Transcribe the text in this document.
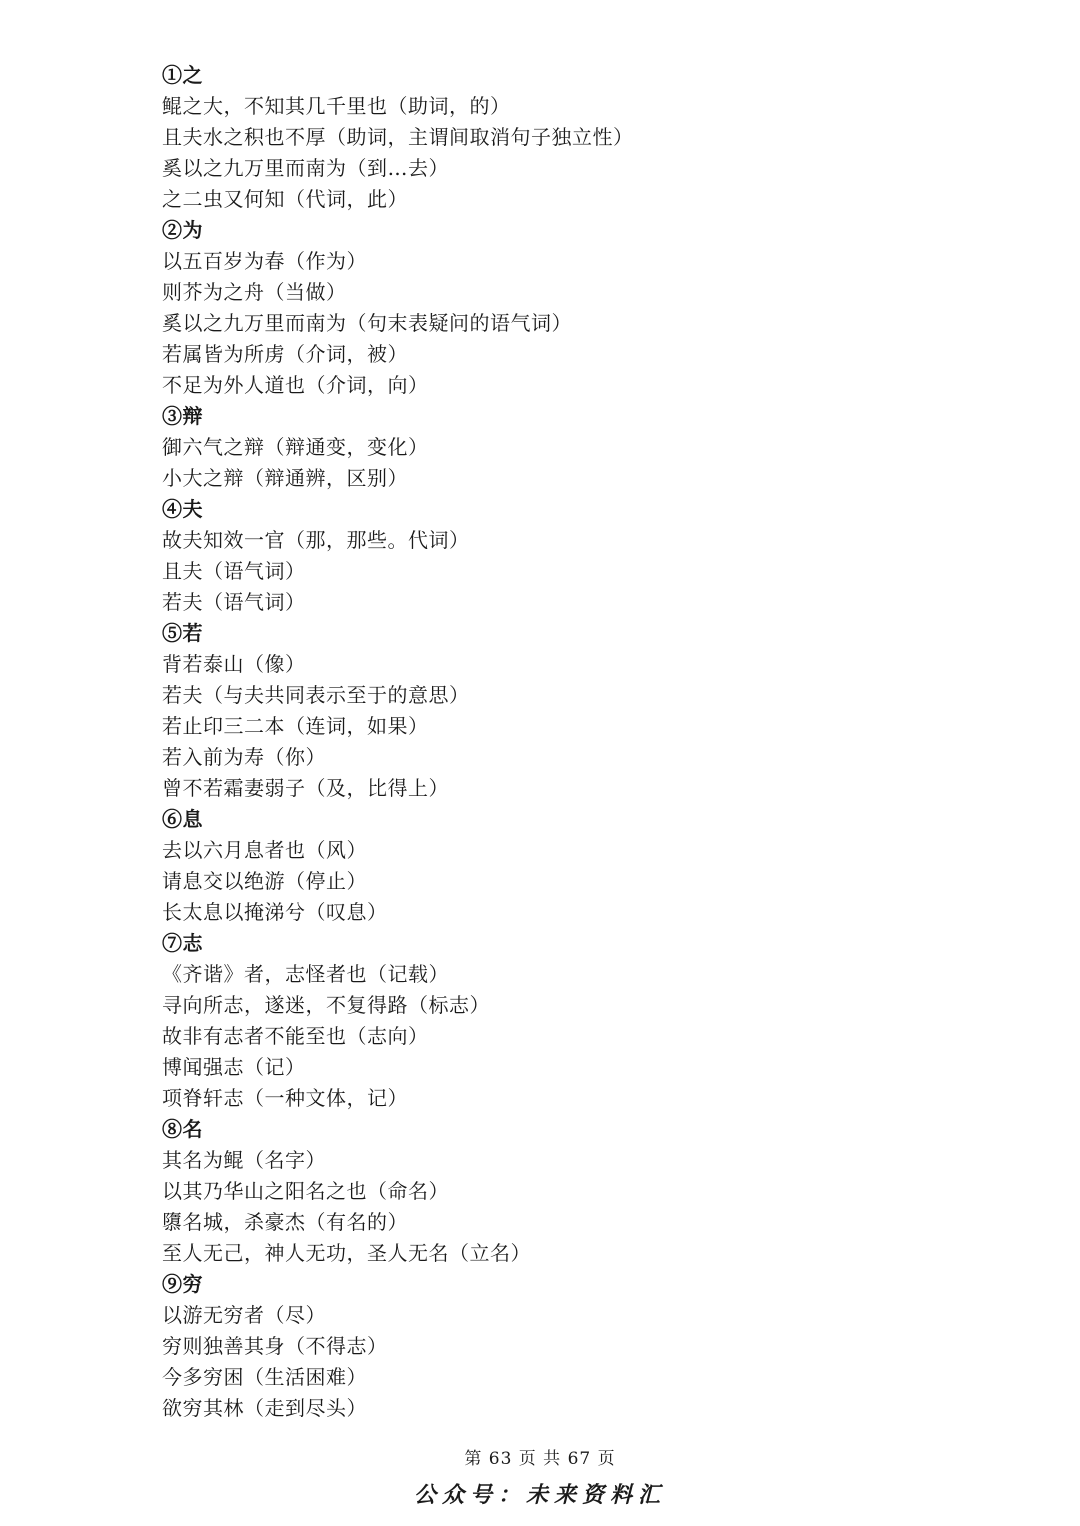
①之
鲲之大，不知其几千里也（助词，的）
且夫水之积也不厚（助词，主谓间取消句子独立性）
奚以之九万里而南为（到…去）
之二虫又何知（代词，此）
②为
以五百岁为春（作为）
则芥为之舟（当做）
奚以之九万里而南为（句末表疑问的语气词）
若属皆为所虏（介词，被）
不足为外人道也（介词，向）
③辩
御六气之辩（辩通变，变化）
小大之辩（辩通辨，区别）
④夫
故夫知效一官（那，那些。代词）
且夫（语气词）
若夫（语气词）
⑤若
背若泰山（像）
若夫（与夫共同表示至于的意思）
若止印三二本（连词，如果）
若入前为寿（你）
曾不若霜妻弱子（及，比得上）
⑥息
去以六月息者也（风）
请息交以绝游（停止）
长太息以掩涕兮（叹息）
⑦志
《齐谐》者，志怪者也（记载）
寻向所志，遂迷，不复得路（标志）
故非有志者不能至也（志向）
博闻强志（记）
项脊轩志（一种文体，记）
⑧名
其名为鲲（名字）
以其乃华山之阳名之也（命名）
隳名城，杀豪杰（有名的）
至人无己，神人无功，圣人无名（立名）
⑨穷
以游无穷者（尽）
穷则独善其身（不得志）
今多穷困（生活困难）
欲穷其林（走到尽头）
第 63 页 共 67 页
公众号：未来资料汇
